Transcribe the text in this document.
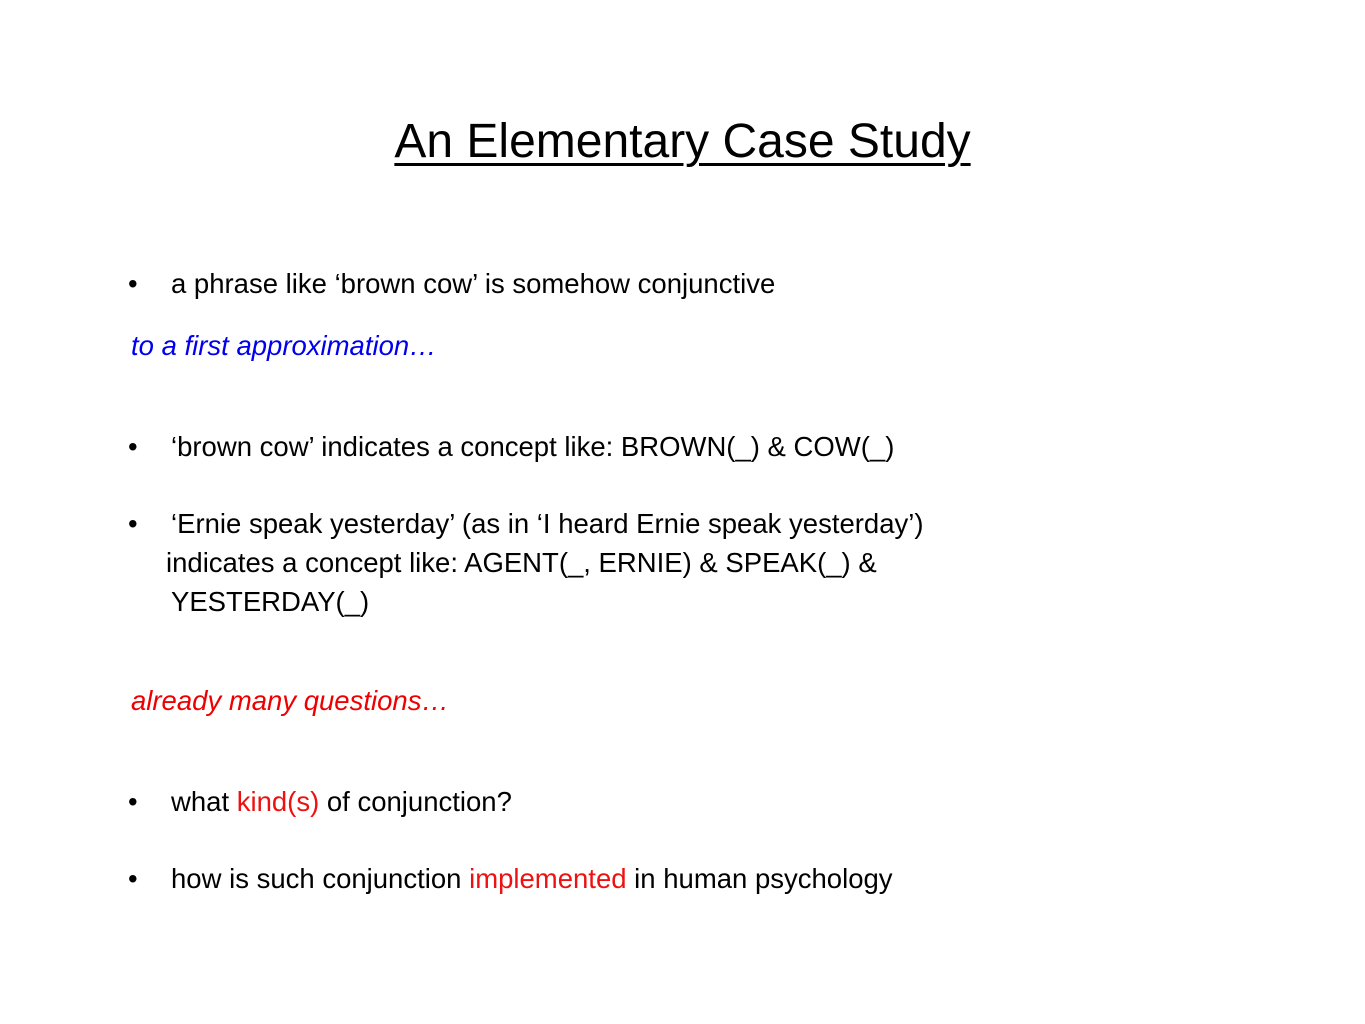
An Elementary Case Study
• a phrase like ‘brown cow’ is somehow conjunctive
to a first approximation…
• ‘brown cow’ indicates a concept like: BROWN(_) & COW(_)
• ‘Ernie speak yesterday’ (as in ‘I heard Ernie speak yesterday’)
indicates a concept like: AGENT(_, ERNIE) & SPEAK(_) &
YESTERDAY(_)
already many questions…
• what kind(s) of conjunction?
• how is such conjunction implemented in human psychology
